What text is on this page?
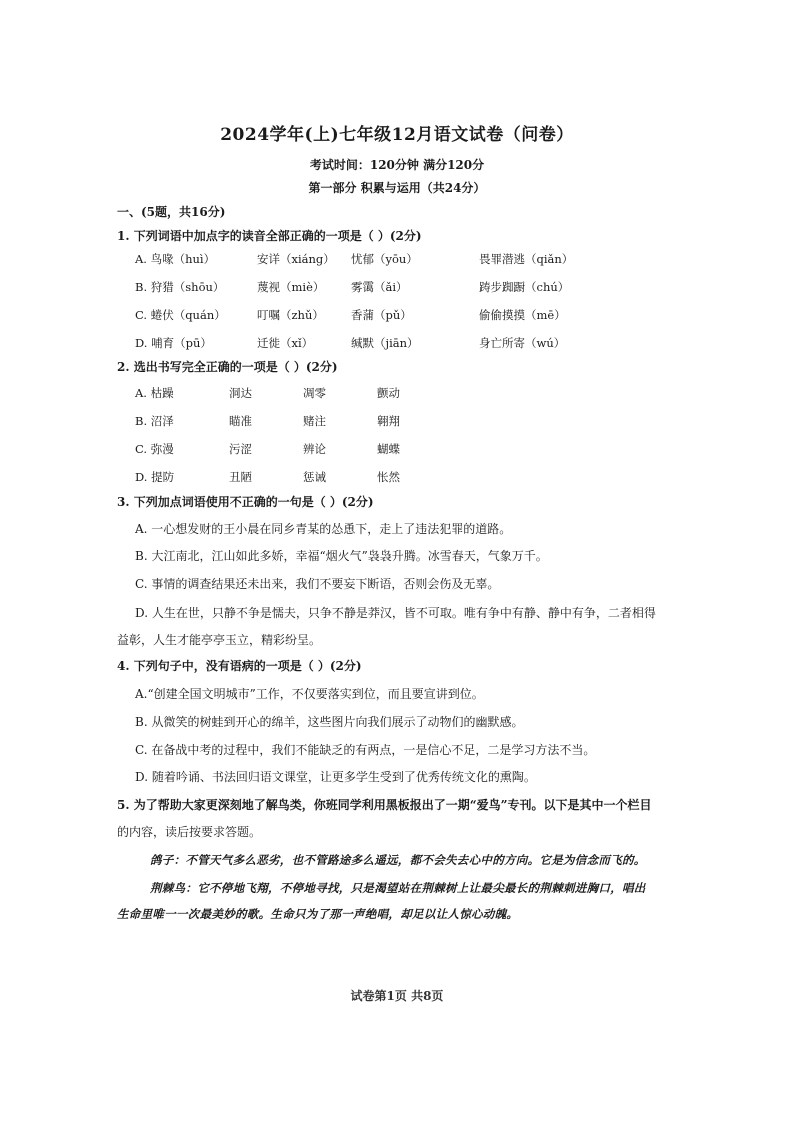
2024学年(上)七年级12月语文试卷（问卷）
考试时间：120分钟 满分120分
第一部分 积累与运用（共24分）
一、(5题，共16分)
1. 下列词语中加点字的读音全部正确的一项是（ ）(2分)
A. 鸟喙（huì）	安详（xiáng） 忧郁（yōu）	畏罪潜逃（qiǎn）
B. 狩猎（shōu）	蔑视（miè） 雾霭（ǎi）	踌步踟蹰（chú）
C. 蜷伏（quán）	叮嘱（zhǔ） 香蒲（pǔ）	偷偷摸摸（mē）
D. 哺育（pū）	迁徙（xǐ）	缄默（jiān）	身亡所寄（wú）
2. 选出书写完全正确的一项是（ ）(2分)
A. 枯躁	洞达	凋零	颤动
B. 沼泽	瞄准	赌注	翱翔
C. 弥漫	污涩	辨论	蝴蝶
D. 提防	丑陋	惩诫	怅然
3. 下列加点词语使用不正确的一句是（ ）(2分)
A. 一心想发财的王小晨在同乡青某的怂恿下，走上了违法犯罪的道路。
B. 大江南北，江山如此多娇，幸福“烟火气”袅袅升腾。冰雪春天，气象万千。
C. 事情的调查结果还未出来，我们不要妄下断语，否则会伤及无辜。
D. 人生在世，只静不争是懦夫，只争不静是莽汉，皆不可取。唯有争中有静、静中有争，二者相得
益彰，人生才能亭亭玉立，精彩纷呈。
4. 下列句子中，没有语病的一项是（ ）(2分)
A.“创建全国文明城市”工作，不仅要落实到位，而且要宣讲到位。
B. 从微笑的树蛙到开心的绵羊，这些图片向我们展示了动物们的幽默感。
C. 在备战中考的过程中，我们不能缺乏的有两点，一是信心不足，二是学习方法不当。
D. 随着吟诵、书法回归语文课堂，让更多学生受到了优秀传统文化的熏陶。
5. 为了帮助大家更深刻地了解鸟类，你班同学利用黑板报出了一期“爱鸟”专刊。以下是其中一个栏目
的内容，读后按要求答题。
鸽子：不管天气多么恶劣，也不管路途多么遥远，都不会失去心中的方向。它是为信念而飞的。
荆棘鸟：它不停地飞翔，不停地寻找，只是渴望站在荆棘树上让最尖最长的荆棘刺进胸口，唱出
生命里唯一一次最美妙的歌。生命只为了那一声绝唱，却足以让人惊心动魄。
试卷第1页 共8页
